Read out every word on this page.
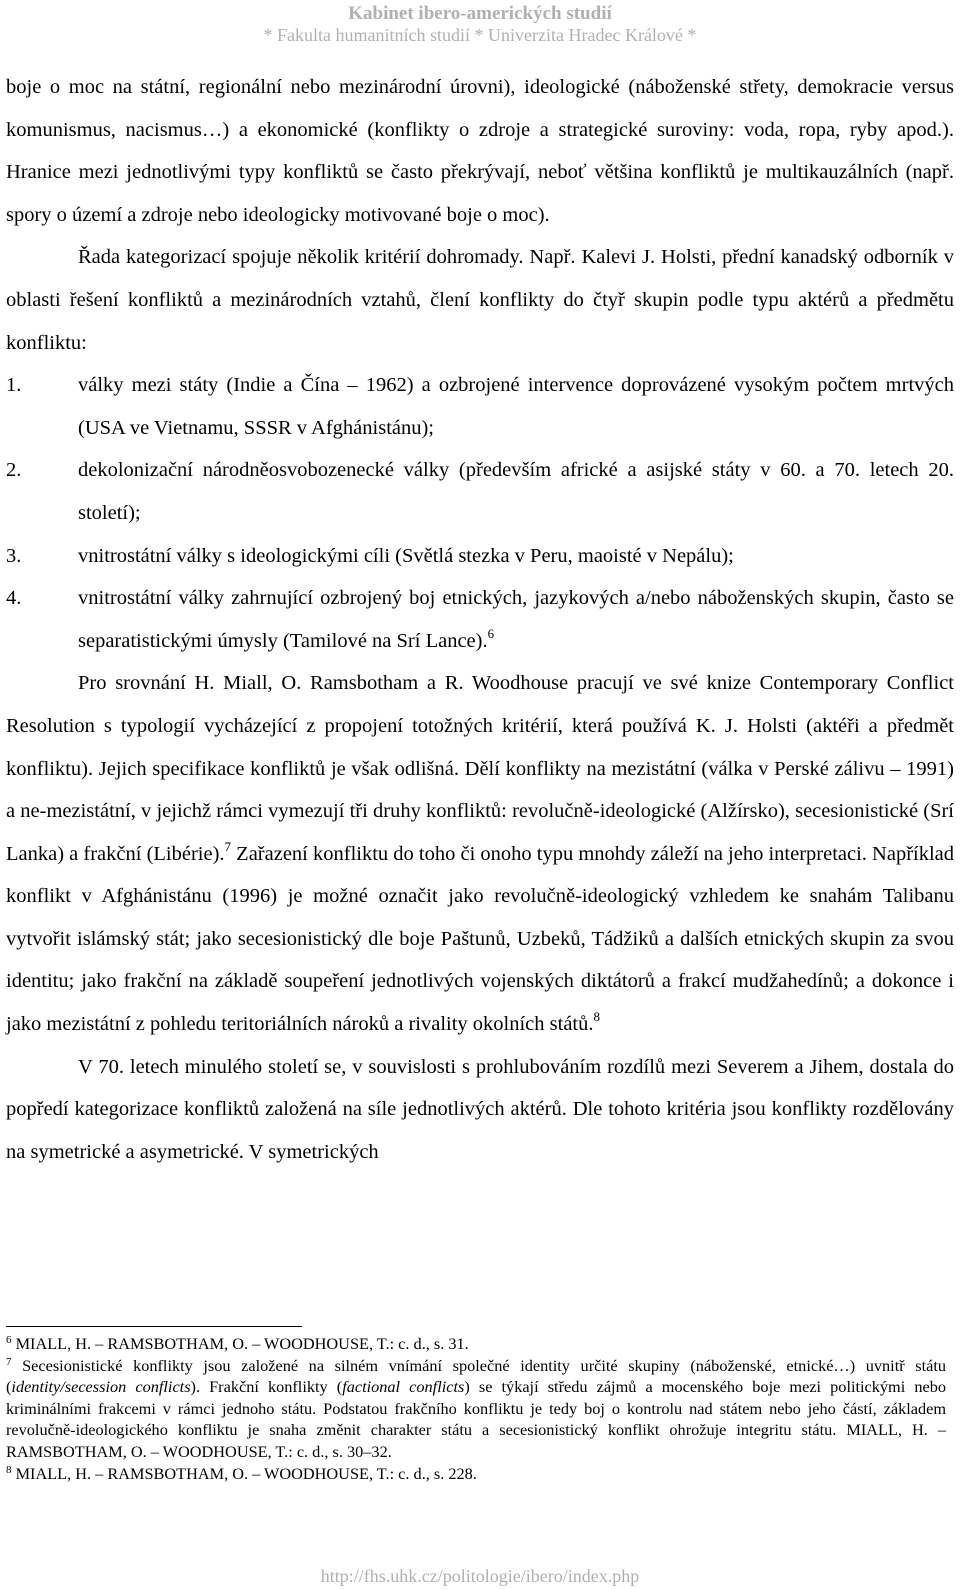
Kabinet ibero-amerických studií
* Fakulta humanitních studií * Univerzita Hradec Králové *

boje o moc na státní, regionální nebo mezinárodní úrovni), ideologické (náboženské střety, demokracie versus komunismus, nacismus…) a ekonomické (konflikty o zdroje a strategické suroviny: voda, ropa, ryby apod.). Hranice mezi jednotlivými typy konfliktů se často překrývají, neboť většina konfliktů je multikauzálních (např. spory o území a zdroje nebo ideologicky motivované boje o moc).

Řada kategorizací spojuje několik kritérií dohromady. Např. Kalevi J. Holsti, přední kanadský odborník v oblasti řešení konfliktů a mezinárodních vztahů, člení konflikty do čtyř skupin podle typu aktérů a předmětu konfliktu:

1.	války mezi státy (Indie a Čína – 1962) a ozbrojené intervence doprovázené vysokým počtem mrtvých (USA ve Vietnamu, SSSR v Afghánistánu);
2.	dekolonizační národněosvobozenecké války (především africké a asijské státy v 60. a 70. letech 20. století);
3.	vnitrostátní války s ideologickými cíli (Světlá stezka v Peru, maoisté v Nepálu);
4.	vnitrostátní války zahrnující ozbrojený boj etnických, jazykových a/nebo náboženských skupin, často se separatistickými úmysly (Tamilové na Srí Lance).$^6$

Pro srovnání H. Miall, O. Ramsbotham a R. Woodhouse pracují ve své knize Contemporary Conflict Resolution s typologií vycházející z propojení totožných kritérií, která používá K. J. Holsti (aktéři a předmět konfliktu). Jejich specifikace konfliktů je však odlišná. Dělí konflikty na mezistátní (válka v Perské zálivu – 1991) a ne-mezistátní, v jejichž rámci vymezují tři druhy konfliktů: revolučně-ideologické (Alžírsko), secesionistické (Srí Lanka) a frakční (Libérie).$^7$ Zařazení konfliktu do toho či onoho typu mnohdy záleží na jeho interpretaci. Například konflikt v Afghánistánu (1996) je možné označit jako revolučně-ideologický vzhledem ke snahám Talibanu vytvořit islámský stát; jako secesionistický dle boje Paštunů, Uzbeků, Tádžiků a dalších etnických skupin za svou identitu; jako frakční na základě soupeření jednotlivých vojenských diktátorů a frakcí mudžahedínů; a dokonce i jako mezistátní z pohledu teritoriálních nároků a rivality okolních států.$^8$

V 70. letech minulého století se, v souvislosti s prohlubováním rozdílů mezi Severem a Jihem, dostala do popředí kategorizace konfliktů založená na síle jednotlivých aktérů. Dle tohoto kritéria jsou konflikty rozdělovány na symetrické a asymetrické. V symetrických

$^6$ MIALL, H. – RAMSBOTHAM, O. – WOODHOUSE, T.: c. d., s. 31.

$^7$ Secesionistické konflikty jsou založené na silném vnímání společné identity určité skupiny (náboženské, etnické…) uvnitř státu (identity/secession conflicts). Frakční konflikty (factional conflicts) se týkají středu zájmů a mocenského boje mezi politickými nebo kriminálními frakcemi v rámci jednoho státu. Podstatou frakčního konfliktu je tedy boj o kontrolu nad státem nebo jeho částí, základem revolučně-ideologického konfliktu je snaha změnit charakter státu a secesionistický konflikt ohrožuje integritu státu. MIALL, H. – RAMSBOTHAM, O. – WOODHOUSE, T.: c. d., s. 30–32.

$^8$ MIALL, H. – RAMSBOTHAM, O. – WOODHOUSE, T.: c. d., s. 228.

http://fhs.uhk.cz/politologie/ibero/index.php
